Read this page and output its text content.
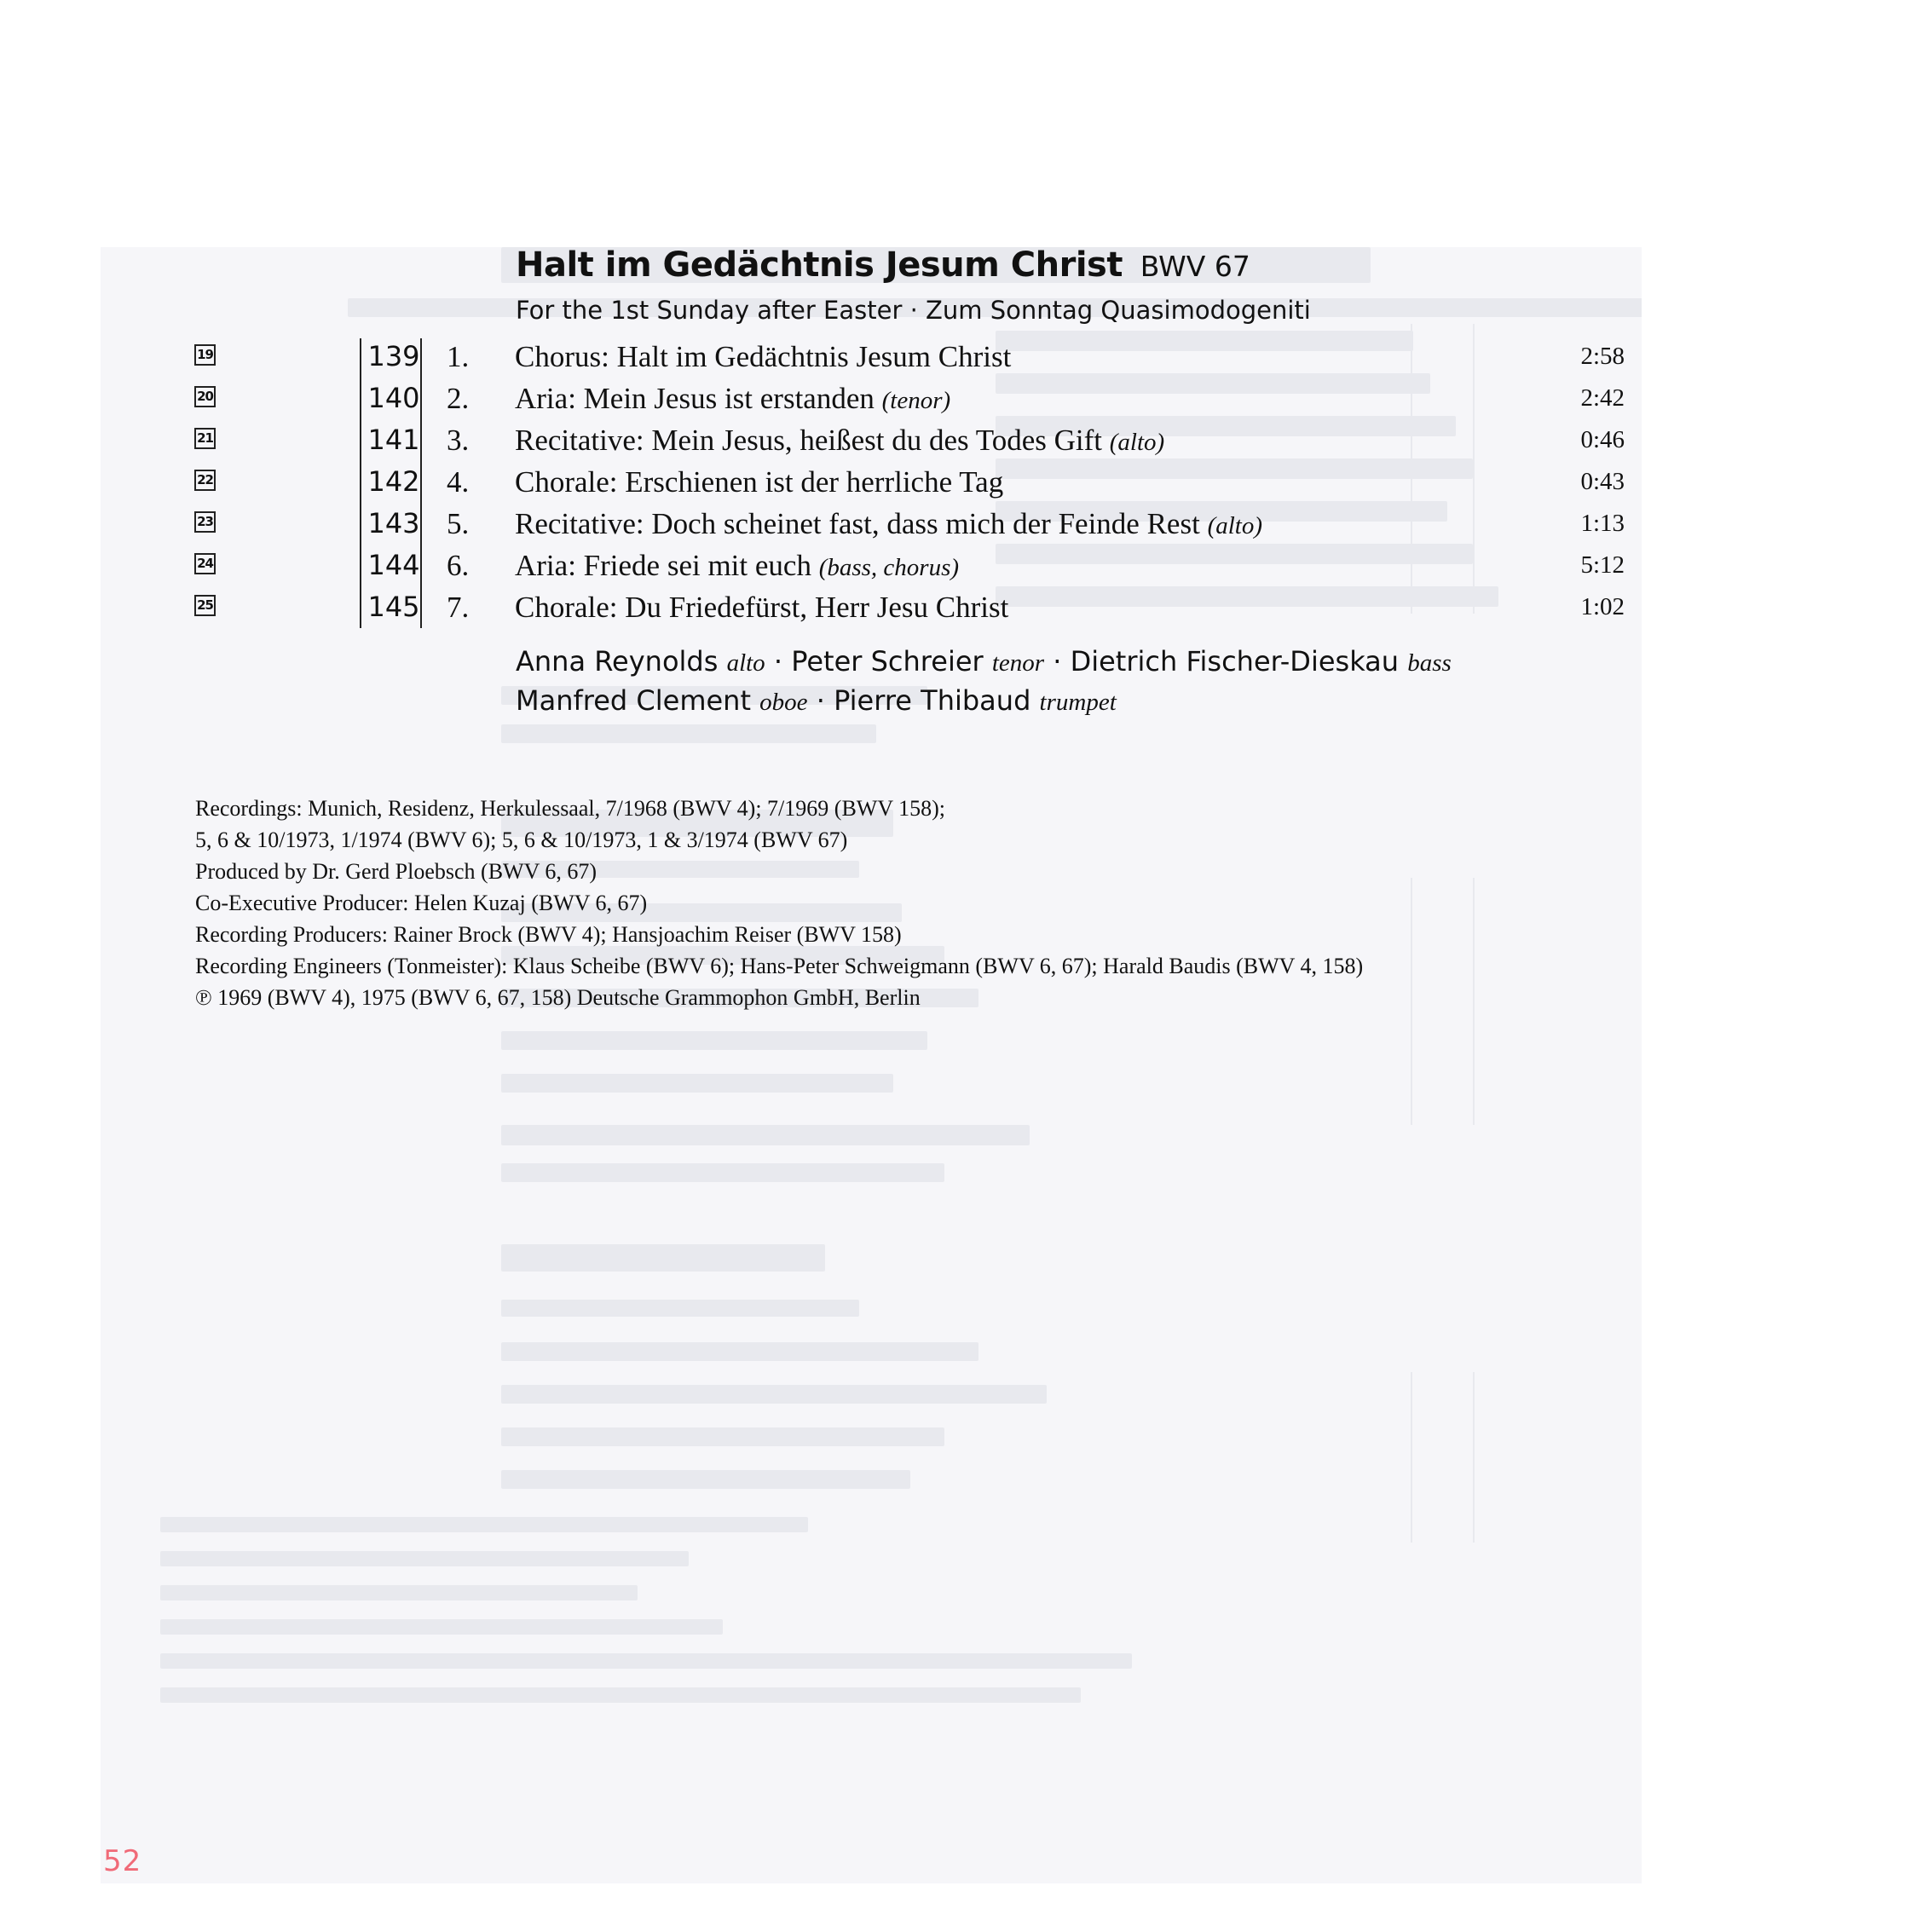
Halt im Gedächtnis Jesum Christ BWV 67
For the 1st Sunday after Easter · Zum Sonntag Quasimodogeniti
19	139 1. Chorus: Halt im Gedächtnis Jesum Christ	2:58
20	140 2. Aria: Mein Jesus ist erstanden (tenor)	2:42
21	141 3. Recitative: Mein Jesus, heißest du des Todes Gift (alto)	0:46
22	142 4. Chorale: Erschienen ist der herrliche Tag	0:43
23	143 5. Recitative: Doch scheinet fast, dass mich der Feinde Rest (alto)	1:13
24	144 6. Aria: Friede sei mit euch (bass, chorus)	5:12
25	145 7. Chorale: Du Friedefürst, Herr Jesu Christ	1:02
Anna Reynolds alto · Peter Schreier tenor · Dietrich Fischer-Dieskau bass
Manfred Clement oboe · Pierre Thibaud trumpet
Recordings: Munich, Residenz, Herkulessaal, 7/1968 (BWV 4); 7/1969 (BWV 158);
5, 6 & 10/1973, 1/1974 (BWV 6); 5, 6 & 10/1973, 1 & 3/1974 (BWV 67)
Produced by Dr. Gerd Ploebsch (BWV 6, 67)
Co-Executive Producer: Helen Kuzaj (BWV 6, 67)
Recording Producers: Rainer Brock (BWV 4); Hansjoachim Reiser (BWV 158)
Recording Engineers (Tonmeister): Klaus Scheibe (BWV 6); Hans-Peter Schweigmann (BWV 6, 67); Harald Baudis (BWV 4, 158)
℗ 1969 (BWV 4), 1975 (BWV 6, 67, 158) Deutsche Grammophon GmbH, Berlin
52
